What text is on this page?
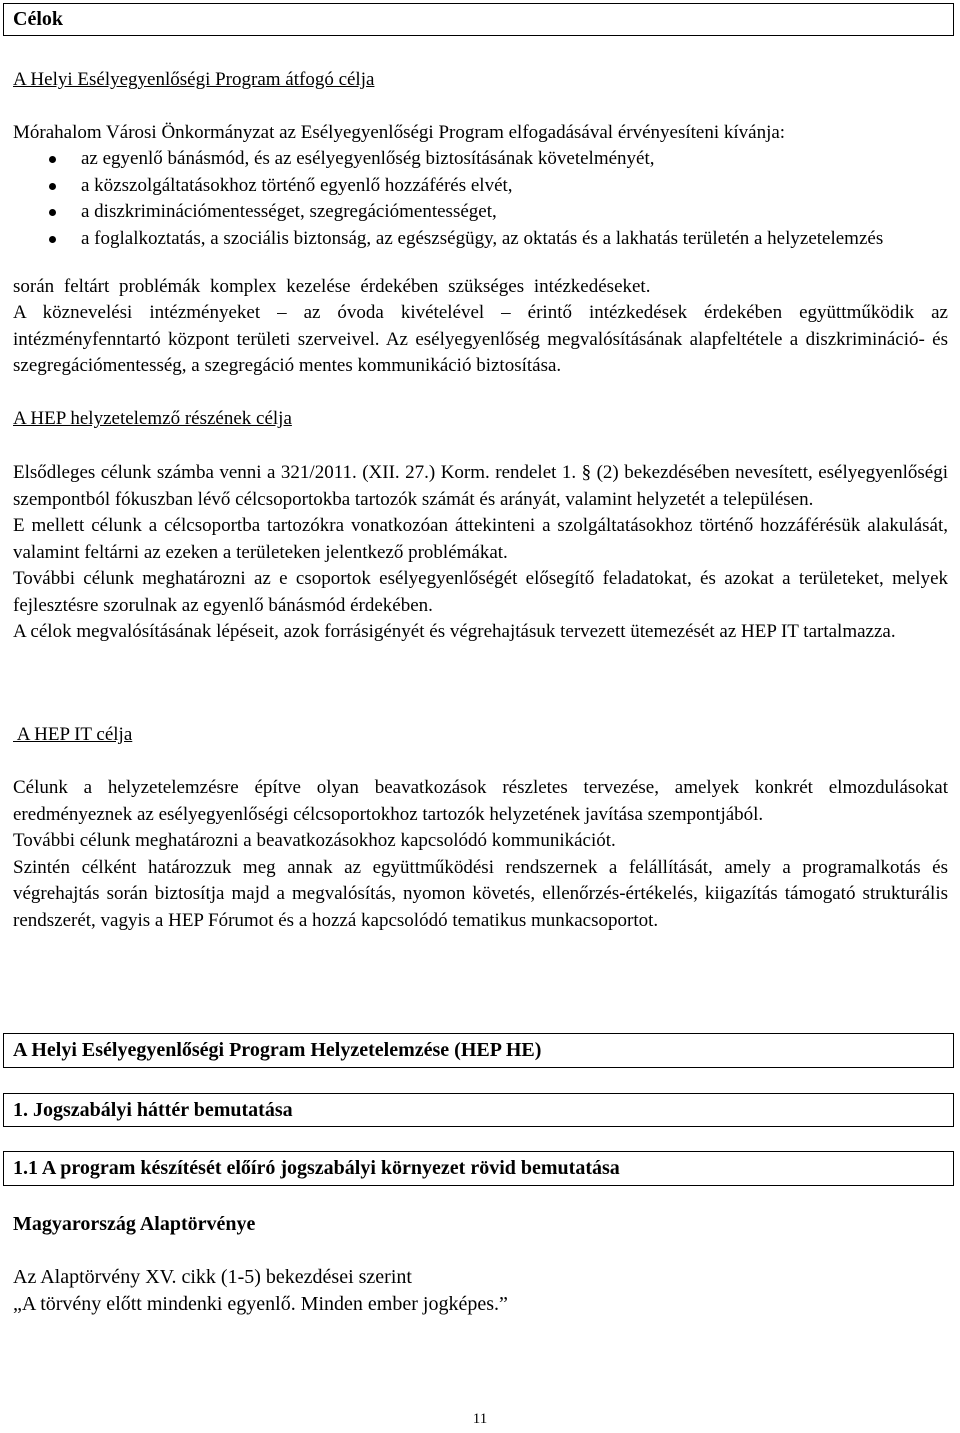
Célok
A Helyi Esélyegyenlőségi Program átfogó célja
Mórahalom Városi Önkormányzat az Esélyegyenlőségi Program elfogadásával érvényesíteni kívánja:
az egyenlő bánásmód, és az esélyegyenlőség biztosításának követelményét,
a közszolgáltatásokhoz történő egyenlő hozzáférés elvét,
a diszkriminációmentességet, szegregációmentességet,
a foglalkoztatás, a szociális biztonság, az egészségügy, az oktatás és a lakhatás területén a helyzetelemzés
során feltárt problémák komplex kezelése érdekében szükséges intézkedéseket.
A köznevelési intézményeket – az óvoda kivételével – érintő intézkedések érdekében együttműködik az intézményfenntartó központ területi szerveivel. Az esélyegyenlőség megvalósításának alapfeltétele a diszkrimináció- és szegregációmentesség, a szegregáció mentes kommunikáció biztosítása.
A HEP helyzetelemző részének célja

Elsődleges célunk számba venni a 321/2011. (XII. 27.) Korm. rendelet 1. § (2) bekezdésében nevesített, esélyegyenlőségi szempontból fókuszban lévő célcsoportokba tartozók számát és arányát, valamint helyzetét a településen.

E mellett célunk a célcsoportba tartozókra vonatkozóan áttekinteni a szolgáltatásokhoz történő hozzáférésük alakulását, valamint feltárni az ezeken a területeken jelentkező problémákat.

További célunk meghatározni az e csoportok esélyegyenlőségét elősegítő feladatokat, és azokat a területeket, melyek fejlesztésre szorulnak az egyenlő bánásmód érdekében.

A célok megvalósításának lépéseit, azok forrásigényét és végrehajtásuk tervezett ütemezését az HEP IT tartalmazza.

A HEP IT célja

Célunk a helyzetelemzésre építve olyan beavatkozások részletes tervezése, amelyek konkrét elmozdulásokat eredményeznek az esélyegyenlőségi célcsoportokhoz tartozók helyzetének javítása szempontjából.

További célunk meghatározni a beavatkozásokhoz kapcsolódó kommunikációt.

Szintén célként határozzuk meg annak az együttműködési rendszernek a felállítását, amely a programalkotás és végrehajtás során biztosítja majd a megvalósítás, nyomon követés, ellenőrzés-értékelés, kiigazítás támogató strukturális rendszerét, vagyis a HEP Fórumot és a hozzá kapcsolódó tematikus munkacsoportot.

A Helyi Esélyegyenlőségi Program Helyzetelemzése (HEP HE)
1. Jogszabályi háttér bemutatása
1.1 A program készítését előíró jogszabályi környezet rövid bemutatása
Magyarország Alaptörvénye
Az Alaptörvény XV. cikk (1-5) bekezdései szerint
„A törvény előtt mindenki egyenlő. Minden ember jogképes.”
11
